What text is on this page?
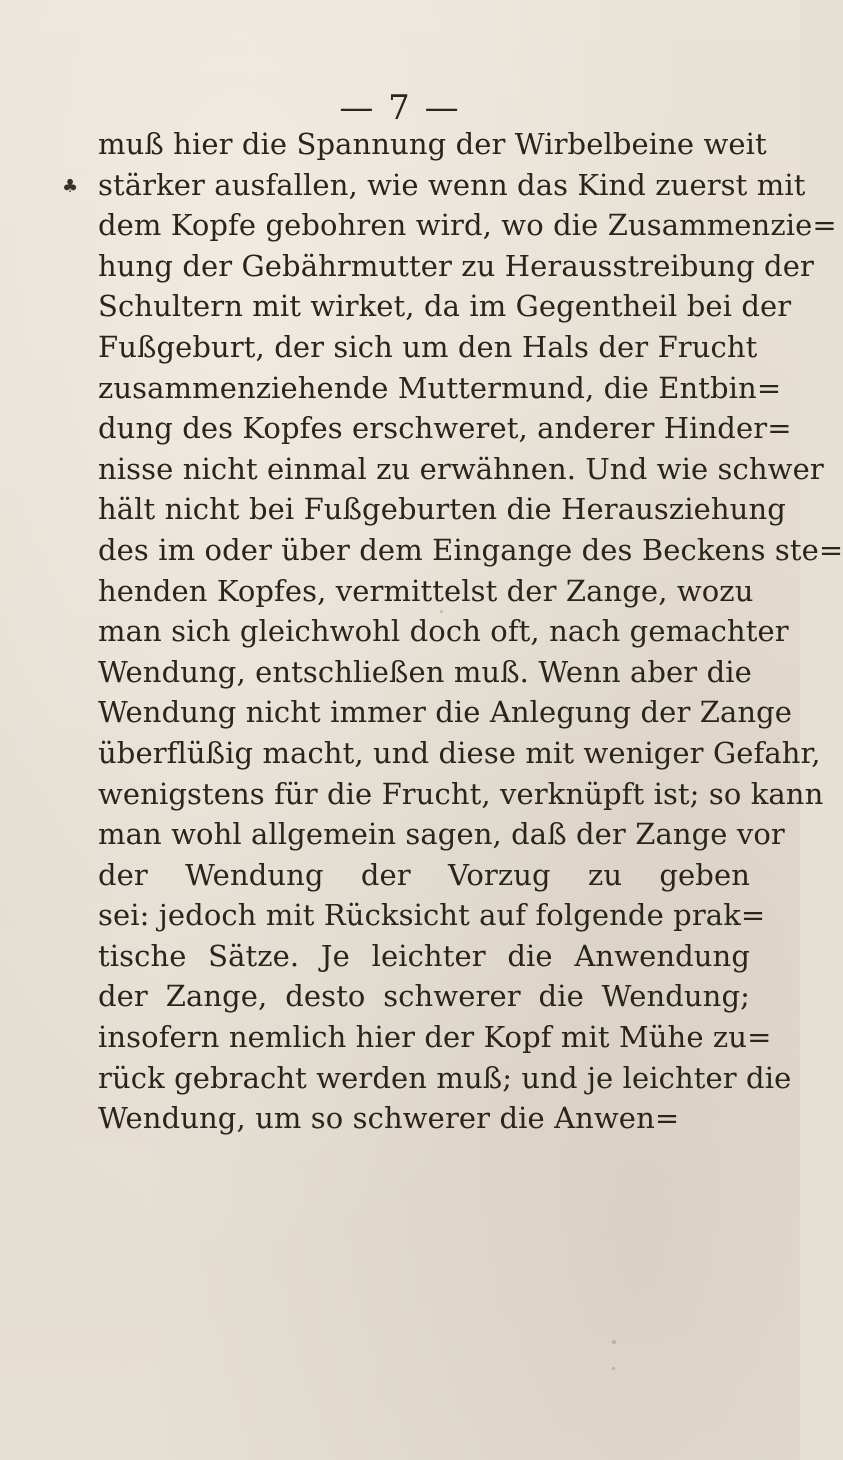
— 7 —
♣
muß hier die Spannung der Wirbelbeine weit
stärker ausfallen, wie wenn das Kind zuerst mit
dem Kopfe gebohren wird, wo die Zusammenzie=
hung der Gebährmutter zu Herausstreibung der
Schultern mit wirket, da im Gegentheil bei der
Fußgeburt, der sich um den Hals der Frucht
zusammenziehende Muttermund, die Entbin=
dung des Kopfes erschweret, anderer Hinder=
nisse nicht einmal zu erwähnen. Und wie schwer
hält nicht bei Fußgeburten die Herausziehung
des im oder über dem Eingange des Beckens ste=
henden Kopfes, vermittelst der Zange, wozu
man sich gleichwohl doch oft, nach gemachter
Wendung, entschließen muß. Wenn aber die
Wendung nicht immer die Anlegung der Zange
überflüßig macht, und diese mit weniger Gefahr,
wenigstens für die Frucht, verknüpft ist; so kann
man wohl allgemein sagen, daß der Zange vor
der Wendung der Vorzug zu geben
sei: jedoch mit Rücksicht auf folgende prak=
tische Sätze. Je leichter die Anwendung
der Zange, desto schwerer die Wendung;
insofern nemlich hier der Kopf mit Mühe zu=
rück gebracht werden muß; und je leichter die
Wendung, um so schwerer die Anwen=
